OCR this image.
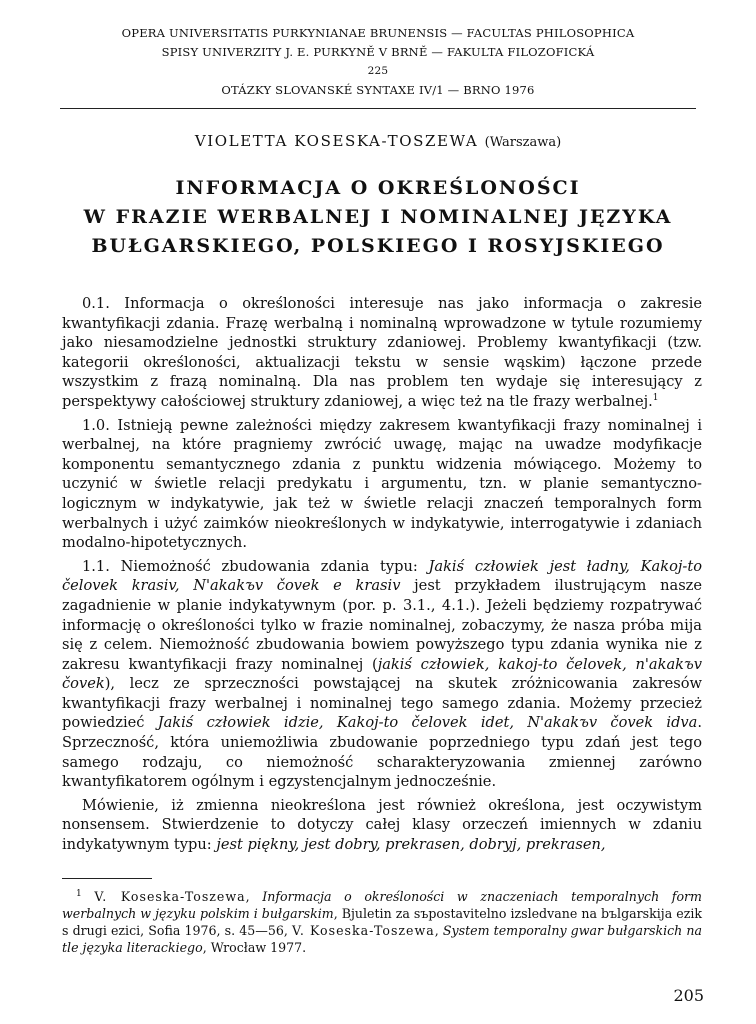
OPERA UNIVERSITATIS PURKYNIANAE BRUNENSIS — FACULTAS PHILOSOPHICA
SPISY UNIVERZITY J. E. PURKYNĚ V BRNĚ — FAKULTA FILOZOFICKÁ
225
OTÁZKY SLOVANSKÉ SYNTAXE IV/1 — BRNO 1976
VIOLETTA KOSESKA-TOSZEWA (Warszawa)
INFORMACJA O OKREŚLONOŚCI
W FRAZIE WERBALNEJ I NOMINALNEJ JĘZYKA
BUŁGARSKIEGO, POLSKIEGO I ROSYJSKIEGO

0.1. Informacja o określoności interesuje nas jako informacja o zakresie kwantyfikacji zdania. Frazę werbalną i nominalną wprowadzone w tytule rozumiemy jako niesamodzielne jednostki struktury zdaniowej. Problemy kwantyfikacji (tzw. kategorii określoności, aktualizacji tekstu w sensie wąskim) łączone przede wszystkim z frazą nominalną. Dla nas problem ten wydaje się interesujący z perspektywy całościowej struktury zdaniowej, a więc też na tle frazy werbalnej.$^1$

1.0. Istnieją pewne zależności między zakresem kwantyfikacji frazy nominalnej i werbalnej, na które pragniemy zwrócić uwagę, mając na uwadze modyfikacje komponentu semantycznego zdania z punktu widzenia mówiącego. Możemy to uczynić w świetle relacji predykatu i argumentu, tzn. w planie semantyczno-logicznym w indykatywie, jak też w świetle relacji znaczeń temporalnych form werbalnych i użyć zaimków nieokreślonych w indykatywie, interrogatywie i zdaniach modalno-hipotetycznych.

1.1. Niemożność zbudowania zdania typu: Jakiś człowiek jest ładny, Kakoj-to čelovek krasiv, N'akakъv čovek e krasiv jest przykładem ilustrującym nasze zagadnienie w planie indykatywnym (por. p. 3.1., 4.1.). Jeżeli będziemy rozpatrywać informację o określoności tylko w frazie nominalnej, zobaczymy, że nasza próba mija się z celem. Niemożność zbudowania bowiem powyższego typu zdania wynika nie z zakresu kwantyfikacji frazy nominalnej (jakiś człowiek, kakoj-to čelovek, n'akakъv čovek), lecz ze sprzeczności powstającej na skutek zróżnicowania zakresów kwantyfikacji frazy werbalnej i nominalnej tego samego zdania. Możemy przecież powiedzieć Jakiś człowiek idzie, Kakoj-to čelovek idet, N'akakъv čovek idva. Sprzeczność, która uniemożliwia zbudowanie poprzedniego typu zdań jest tego samego rodzaju, co niemożność scharakteryzowania zmiennej zarówno kwantyfikatorem ogólnym i egzystencjalnym jednocześnie.

Mówienie, iż zmienna nieokreślona jest również określona, jest oczywistym nonsensem. Stwierdzenie to dotyczy całej klasy orzeczeń imiennych w zdaniu indykatywnym typu: jest piękny, jest dobry, prekrasen, dobryj, prekrasen,

$^1$ V. Koseska-Toszewa, Informacja o określoności w znaczeniach temporalnych form werbalnych w języku polskim i bułgarskim, Bjuletin za sъpostavitelno izsledvane na bъlgarskija ezik s drugi ezici, Sofia 1976, s. 45—56, V. Koseska-Toszewa, System temporalny gwar bułgarskich na tle języka literackiego, Wrocław 1977.
205
